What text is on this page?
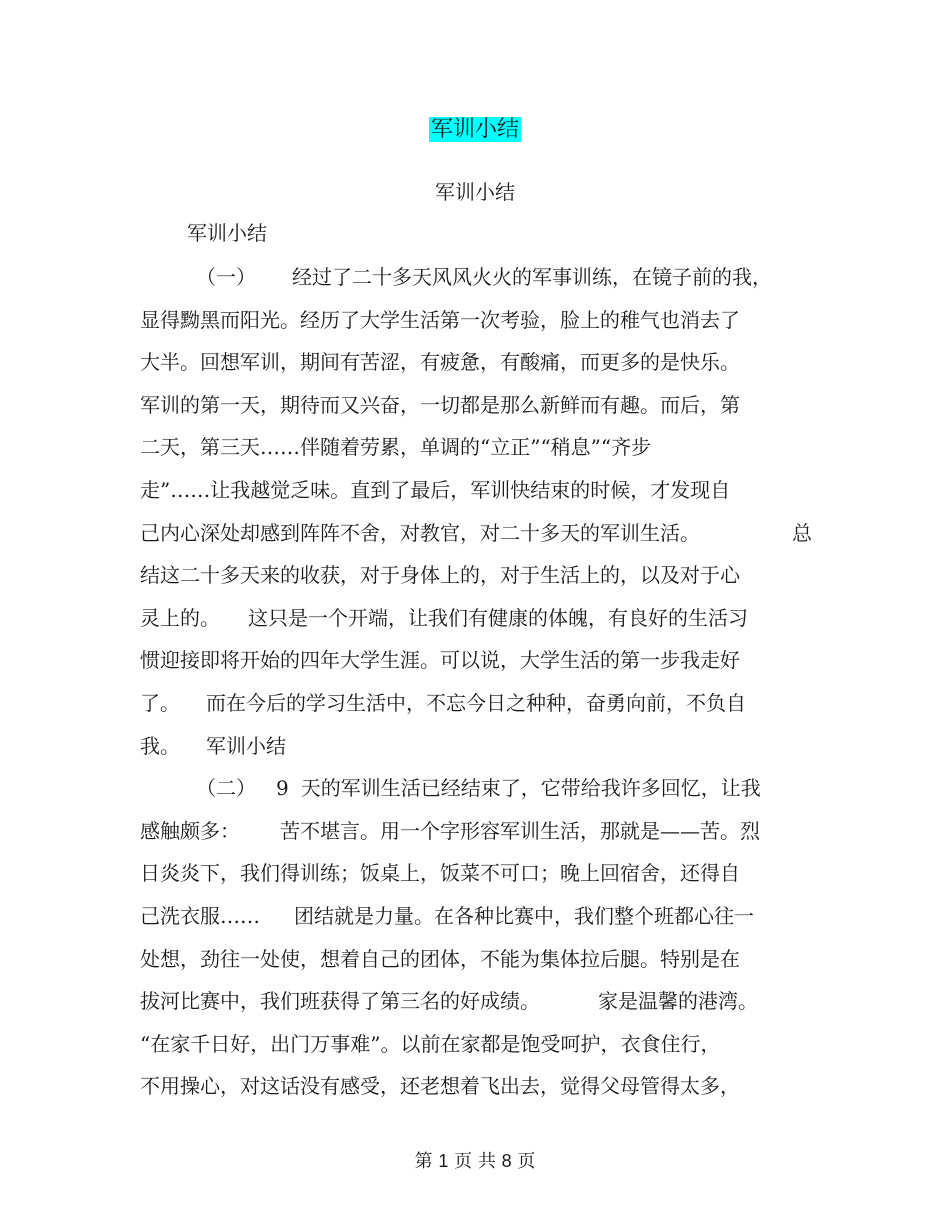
军训小结
军训小结
军训小结
（一） 经过了二十多天风风火火的军事训练，在镜子前的我，
显得黝黑而阳光。经历了大学生活第一次考验，脸上的稚气也消去了
大半。回想军训，期间有苦涩，有疲惫，有酸痛，而更多的是快乐。
军训的第一天，期待而又兴奋，一切都是那么新鲜而有趣。而后，第
二天，第三天……伴随着劳累，单调的“立正”“稍息”“齐步
走”……让我越觉乏味。直到了最后，军训快结束的时候，才发现自
己内心深处却感到阵阵不舍，对教官，对二十多天的军训生活。	总
结这二十多天来的收获，对于身体上的，对于生活上的，以及对于心
灵上的。 这只是一个开端，让我们有健康的体魄，有良好的生活习
惯迎接即将开始的四年大学生涯。可以说，大学生活的第一步我走好
了。 而在今后的学习生活中，不忘今日之种种，奋勇向前，不负自
我。 军训小结
（二） 9 天的军训生活已经结束了，它带给我许多回忆，让我
感触颇多： 苦不堪言。用一个字形容军训生活，那就是——苦。烈
日炎炎下，我们得训练；饭桌上，饭菜不可口；晚上回宿舍，还得自
己洗衣服…… 团结就是力量。在各种比赛中，我们整个班都心往一
处想，劲往一处使，想着自己的团体，不能为集体拉后腿。特别是在
拔河比赛中，我们班获得了第三名的好成绩。	家是温馨的港湾。
“在家千日好，出门万事难”。以前在家都是饱受呵护，衣食住行，
不用操心，对这话没有感受，还老想着飞出去，觉得父母管得太多，
第 1 页 共 8 页
